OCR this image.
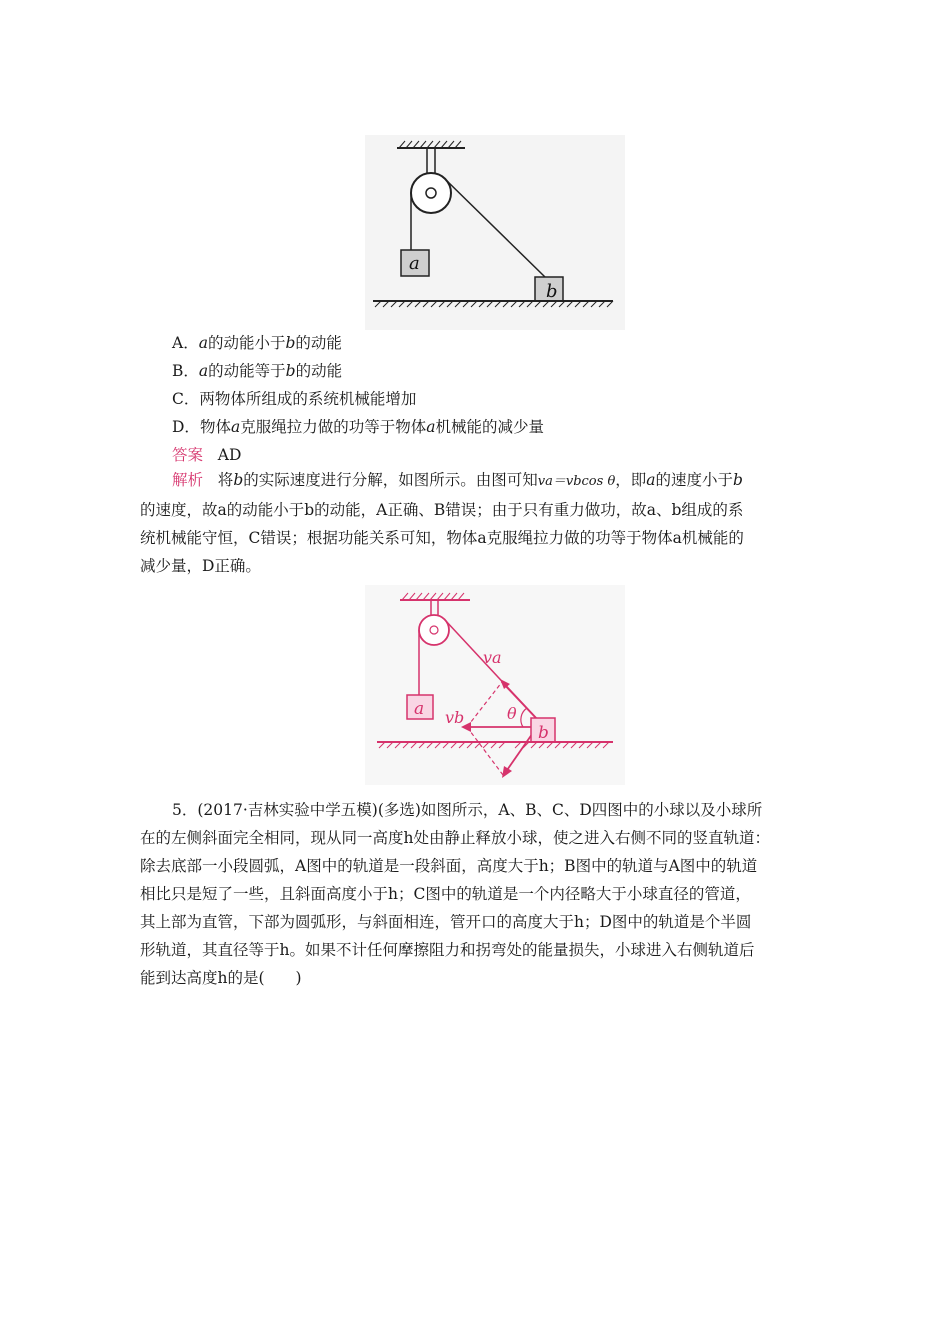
a
b
A．a的动能小于b的动能
B．a的动能等于b的动能
C．两物体所组成的系统机械能增加
D．物体a克服绳拉力做的功等于物体a机械能的减少量
答案 AD
解析 将b的实际速度进行分解，如图所示。由图可知va＝vbcos θ，即a的速度小于b
的速度，故a的动能小于b的动能，A正确、B错误；由于只有重力做功，故a、b组成的系
统机械能守恒，C错误；根据功能关系可知，物体a克服绳拉力做的功等于物体a机械能的
减少量，D正确。
a
b
va
vb	θ
5．(2017·吉林实验中学五模)(多选)如图所示，A、B、C、D四图中的小球以及小球所
在的左侧斜面完全相同，现从同一高度h处由静止释放小球，使之进入右侧不同的竖直轨道：
除去底部一小段圆弧，A图中的轨道是一段斜面，高度大于h；B图中的轨道与A图中的轨道
相比只是短了一些，且斜面高度小于h；C图中的轨道是一个内径略大于小球直径的管道，
其上部为直管，下部为圆弧形，与斜面相连，管开口的高度大于h；D图中的轨道是个半圆
形轨道，其直径等于h。如果不计任何摩擦阻力和拐弯处的能量损失，小球进入右侧轨道后
能到达高度h的是(　　)
